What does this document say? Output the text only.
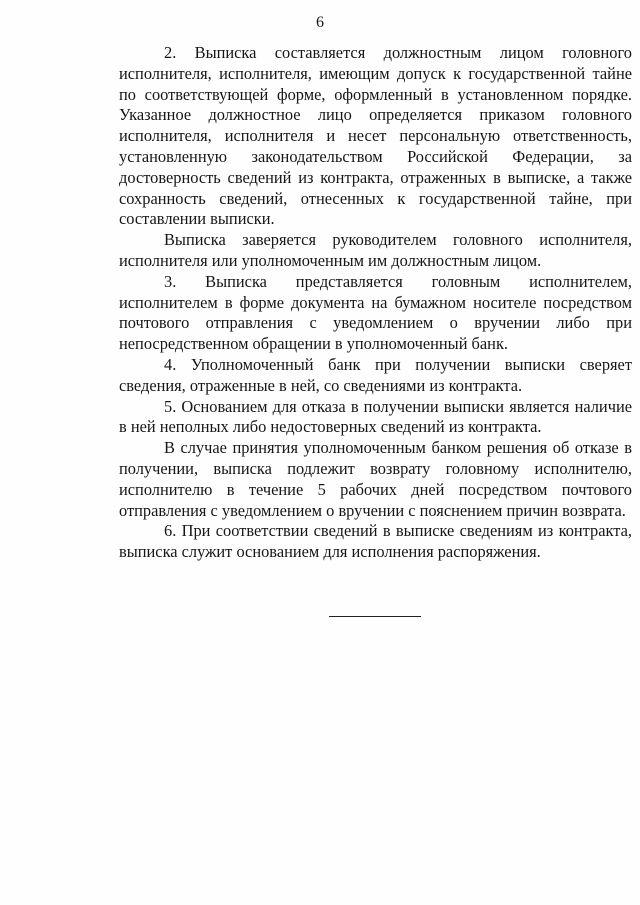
6

2. Выписка составляется должностным лицом головного исполнителя, исполнителя, имеющим допуск к государственной тайне по соответствующей форме, оформленный в установленном порядке. Указанное должностное лицо определяется приказом головного исполнителя, исполнителя и несет персональную ответственность, установленную законодательством Российской Федерации, за достоверность сведений из контракта, отраженных в выписке, а также сохранность сведений, отнесенных к государственной тайне, при составлении выписки.

Выписка заверяется руководителем головного исполнителя, исполнителя или уполномоченным им должностным лицом.

3. Выписка представляется головным исполнителем, исполнителем в форме документа на бумажном носителе посредством почтового отправления с уведомлением о вручении либо при непосредственном обращении в уполномоченный банк.

4. Уполномоченный банк при получении выписки сверяет сведения, отраженные в ней, со сведениями из контракта.

5. Основанием для отказа в получении выписки является наличие в ней неполных либо недостоверных сведений из контракта.

В случае принятия уполномоченным банком решения об отказе в получении, выписка подлежит возврату головному исполнителю, исполнителю в течение 5 рабочих дней посредством почтового отправления с уведомлением о вручении с пояснением причин возврата.

6. При соответствии сведений в выписке сведениям из контракта, выписка служит основанием для исполнения распоряжения.
